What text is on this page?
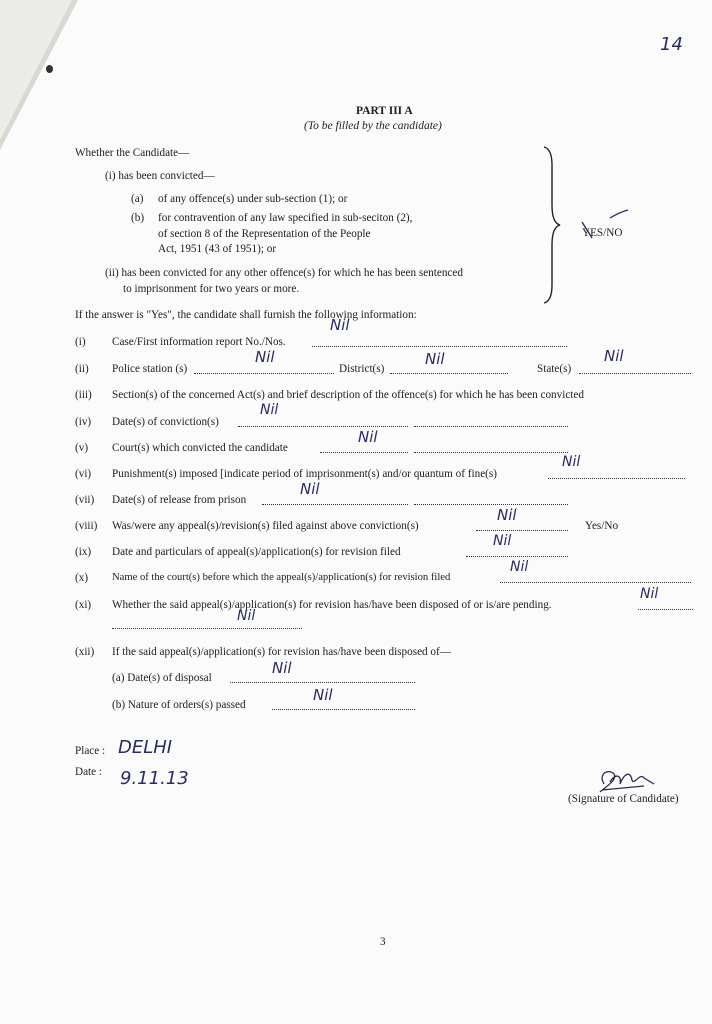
14
PART III A
(To be filled by the candidate)
Whether the Candidate—
(i) has been convicted—
(a) of any offence(s) under sub-section (1); or
(b) for contravention of any law specified in sub-seciton (2),
of section 8 of the Representation of the People
Act, 1951 (43 of 1951); or
(ii) has been convicted for any other offence(s) for which he has been sentenced
to imprisonment for two years or more.
YES/NO
If the answer is "Yes", the candidate shall furnish the following information:
(i) Case/First information report No./Nos.
Nil
(ii) Police station (s)
Nil
District(s)
Nil
State(s)
Nil
(iii) Section(s) of the concerned Act(s) and brief description of the offence(s) for which he has been convicted
(iv) Date(s) of conviction(s)
Nil
(v) Court(s) which convicted the candidate
Nil
(vi) Punishment(s) imposed [indicate period of imprisonment(s) and/or quantum of fine(s)
Nil
(vii) Date(s) of release from prison
Nil
(viii) Was/were any appeal(s)/revision(s) filed against above conviction(s)
Nil
Yes/No
(ix) Date and particulars of appeal(s)/application(s) for revision filed
Nil
(x) Name of the court(s) before which the appeal(s)/application(s) for revision filed
Nil
(xi) Whether the said appeal(s)/application(s) for revision has/have been disposed of or is/are pending.
Nil
Nil
(xii) If the said appeal(s)/application(s) for revision has/have been disposed of—
(a) Date(s) of disposal
Nil
(b) Nature of orders(s) passed
Nil
Place : DELHI
Date : 9.11.13
(Signature of Candidate)
3
